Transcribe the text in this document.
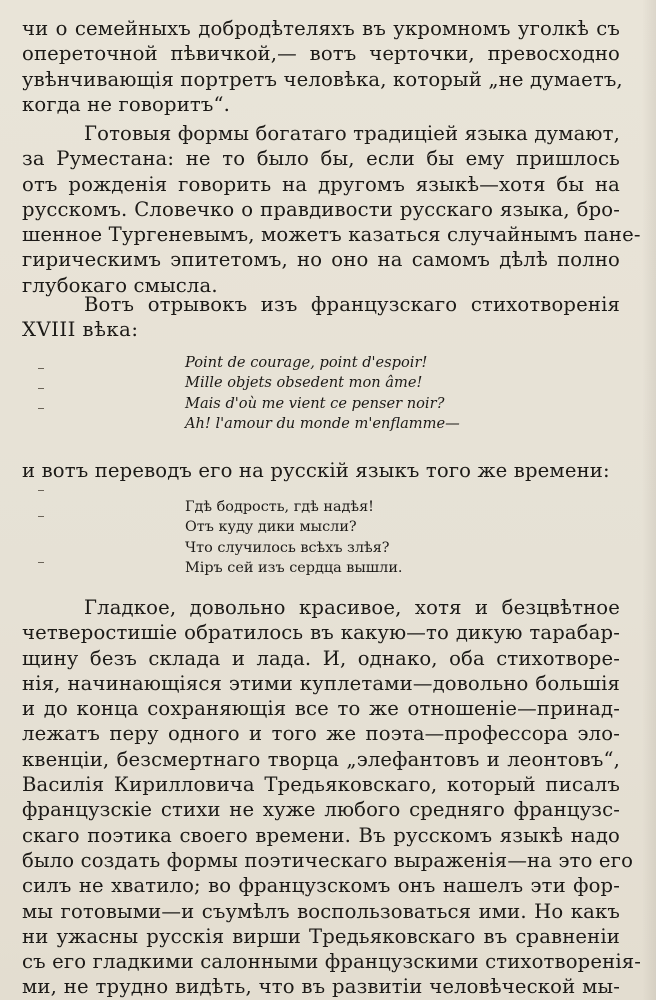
чи о семейныхъ добродѣтеляхъ въ укромномъ уголкѣ съ
опереточной пѣвичкой,— вотъ черточки, превосходно
увѣнчивающія портретъ человѣка, который „не думаетъ,
когда не говоритъ“.
Готовыя формы богатаго традиціей языка думают,
за Руместана: не то было бы, если бы ему пришлось
отъ рожденія говорить на другомъ языкѣ—хотя бы на
русскомъ. Словечко о правдивости русскаго языка, бро-
шенное Тургеневымъ, можетъ казаться случайнымъ пане-
гирическимъ эпитетомъ, но оно на самомъ дѣлѣ полно
глубокаго смысла.
Вотъ отрывокъ изъ французскаго стихотворенія
XVIII вѣка:
Point de courage, point d'espoir!
Mille objets obsedent mon âme!
Mais d'où me vient ce penser noir?
Ah! l'amour du monde m'enflamme—
и вотъ переводъ его на русскій языкъ того же времени:
Гдѣ бодрость, гдѣ надѣя!
Отъ куду дики мысли?
Что случилось всѣхъ злѣя?
Міръ сей изъ сердца вышли.
Гладкое, довольно красивое, хотя и безцвѣтное
четверостишіе обратилось въ какую—то дикую тарабар-
щину безъ склада и лада. И, однако, оба стихотворе-
нія, начинающіяся этими куплетами—довольно большія
и до конца сохраняющія все то же отношеніе—принад-
лежатъ перу одного и того же поэта—профессора эло-
квенціи, безсмертнаго творца „элефантовъ и леонтовъ“,
Василія Кирилловича Тредьяковскаго, который писалъ
французскіе стихи не хуже любого средняго французс-
скаго поэтика своего времени. Въ русскомъ языкѣ надо
было создать формы поэтическаго выраженія—на это его
силъ не хватило; во французскомъ онъ нашелъ эти фор-
мы готовыми—и съумѣлъ воспользоваться ими. Но какъ
ни ужасны русскія вирши Тредьяковскаго въ сравненіи
съ его гладкими салонными французскими стихотворенія-
ми, не трудно видѣть, что въ развитіи человѣческой мы-
